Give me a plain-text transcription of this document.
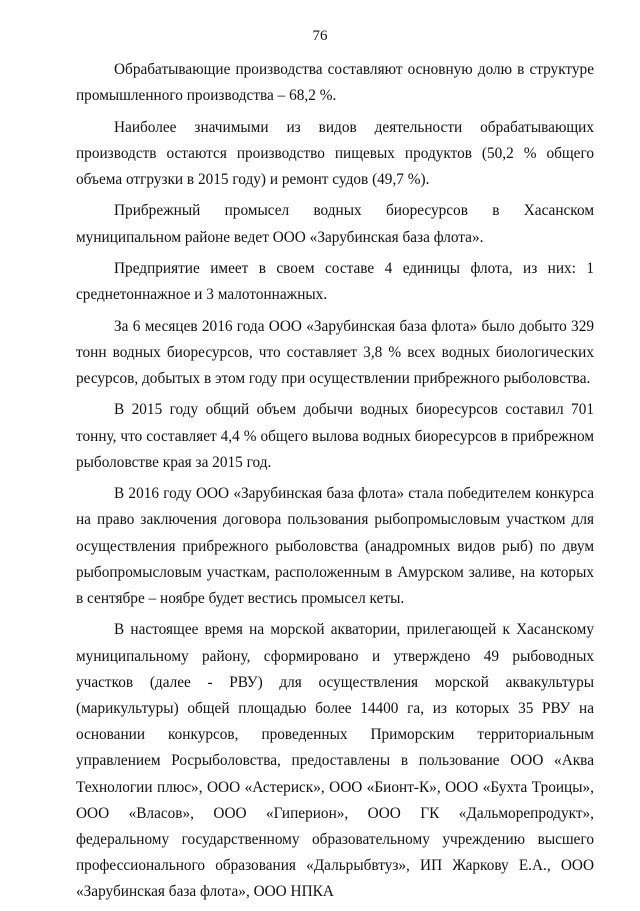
76

Обрабатывающие производства составляют основную долю в структуре промышленного производства – 68,2 %.

Наиболее значимыми из видов деятельности обрабатывающих производств остаются производство пищевых продуктов (50,2 % общего объема отгрузки в 2015 году) и ремонт судов (49,7 %).

Прибрежный промысел водных биоресурсов в Хасанском муниципальном районе ведет ООО «Зарубинская база флота».

Предприятие имеет в своем составе 4 единицы флота, из них: 1 среднетоннажное и 3 малотоннажных.

За 6 месяцев 2016 года ООО «Зарубинская база флота» было добыто 329 тонн водных биоресурсов, что составляет 3,8 % всех водных биологических ресурсов, добытых в этом году при осуществлении прибрежного рыболовства.

В 2015 году общий объем добычи водных биоресурсов составил 701 тонну, что составляет 4,4 % общего вылова водных биоресурсов в прибрежном рыболовстве края за 2015 год.

В 2016 году ООО «Зарубинская база флота» стала победителем конкурса на право заключения договора пользования рыбопромысловым участком для осуществления прибрежного рыболовства (анадромных видов рыб) по двум рыбопромысловым участкам, расположенным в Амурском заливе, на которых в сентябре – ноябре будет вестись промысел кеты.

В настоящее время на морской акватории, прилегающей к Хасанскому муниципальному району, сформировано и утверждено 49 рыбоводных участков (далее - РВУ) для осуществления морской аквакультуры (марикультуры) общей площадью более 14400 га, из которых 35 РВУ на основании конкурсов, проведенных Приморским территориальным управлением Росрыболовства, предоставлены в пользование ООО «Аква Технологии плюс», ООО «Астериск», ООО «Бионт-К», ООО «Бухта Троицы», ООО «Власов», ООО «Гиперион», ООО ГК «Дальморепродукт», федеральному государственному образовательному учреждению высшего профессионального образования «Дальрыбвтуз», ИП Жаркову Е.А., ООО «Зарубинская база флота», ООО НПКА
